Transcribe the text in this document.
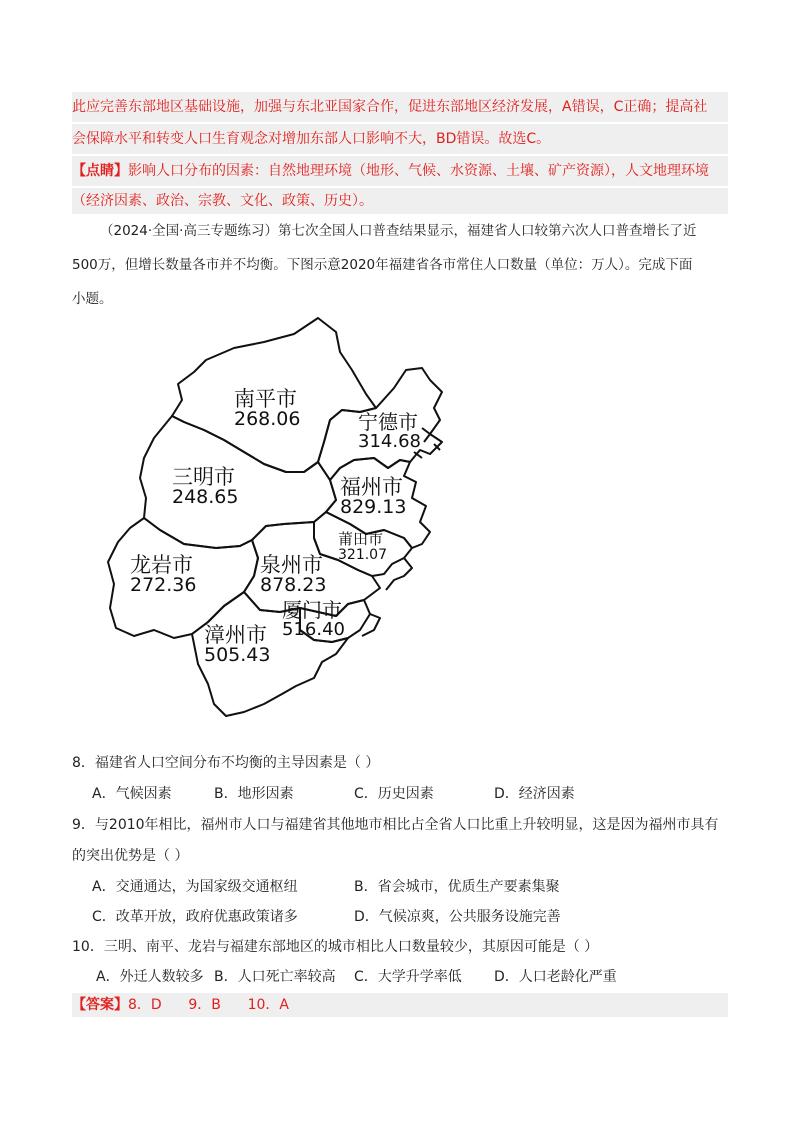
此应完善东部地区基础设施，加强与东北亚国家合作，促进东部地区经济发展，A错误，C正确；提高社

会保障水平和转变人口生育观念对增加东部人口影响不大，BD错误。故选C。

【点睛】影响人口分布的因素：自然地理环境（地形、气候、水资源、土壤、矿产资源），人文地理环境

（经济因素、政治、宗教、文化、政策、历史）。

（2024·全国·高三专题练习）第七次全国人口普查结果显示，福建省人口较第六次人口普查增长了近

500万，但增长数量各市并不均衡。下图示意2020年福建省各市常住人口数量（单位：万人）。完成下面

小题。

南平市
268.06	宁德市
314.68
三明市
248.65	福州市
829.13
莆田市
321.07
龙岩市
272.36
泉州市
878.23
厦门市
516.40
漳州市
505.43
8．福建省人口空间分布不均衡的主导因素是（ ）
A．气候因素	B．地形因素	C．历史因素	D．经济因素
9．与2010年相比，福州市人口与福建省其他地市相比占全省人口比重上升较明显，这是因为福州市具有
的突出优势是（ ）
A．交通通达，为国家级交通枢纽	B．省会城市，优质生产要素集聚
C．改革开放，政府优惠政策诸多	D．气候凉爽，公共服务设施完善
10．三明、南平、龙岩与福建东部地区的城市相比人口数量较少，其原因可能是（ ）
A．外迁人数较多 B．人口死亡率较高 C．大学升学率低 D．人口老龄化严重
【答案】8．D      9．B      10．A
